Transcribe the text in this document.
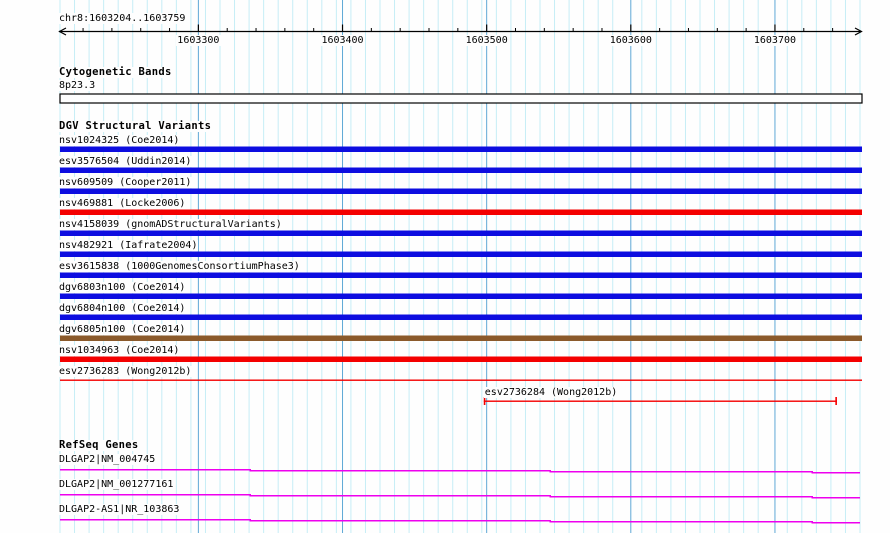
chr8:1603204..1603759
1603300	1603400	1603500	1603600	1603700
Cytogenetic Bands
8p23.3
DGV Structural Variants
nsv1024325 (Coe2014)
esv3576504 (Uddin2014)
nsv609509 (Cooper2011)
nsv469881 (Locke2006)
nsv4158039 (gnomADStructuralVariants)
nsv482921 (Iafrate2004)
esv3615838 (1000GenomesConsortiumPhase3)
dgv6803n100 (Coe2014)
dgv6804n100 (Coe2014)
dgv6805n100 (Coe2014)
nsv1034963 (Coe2014)
esv2736283 (Wong2012b)
esv2736284 (Wong2012b)
RefSeq Genes
DLGAP2|NM_004745
DLGAP2|NM_001277161
DLGAP2-AS1|NR_103863
